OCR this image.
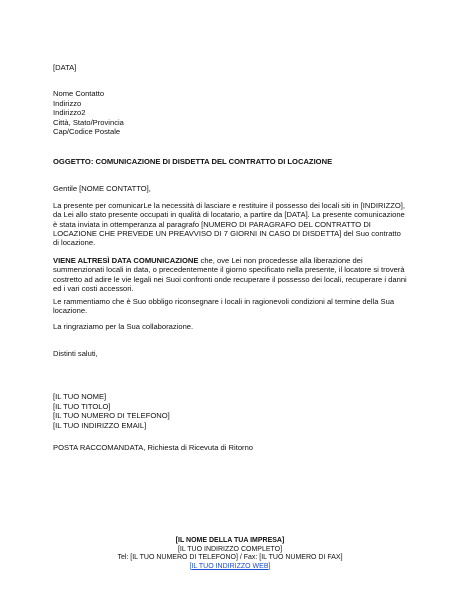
[DATA]
Nome Contatto
Indirizzo
Indirizzo2
Città, Stato/Provincia
Cap/Codice Postale
OGGETTO: COMUNICAZIONE DI DISDETTA DEL CONTRATTO DI LOCAZIONE
Gentile [NOME CONTATTO],

La presente per comunicarLe la necessità di lasciare e restituire il possesso dei locali siti in [INDIRIZZO],

da Lei allo stato presente occupati in qualità di locatario, a partire da [DATA]. La presente comunicazione

è stata inviata in ottemperanza al paragrafo [NUMERO DI PARAGRAFO DEL CONTRATTO DI

LOCAZIONE CHE PREVEDE UN PREAVVISO DI 7 GIORNI IN CASO DI DISDETTA] del Suo contratto

di locazione.

VIENE ALTRESÌ DATA COMUNICAZIONE che, ove Lei non procedesse alla liberazione dei

summenzionati locali in data, o precedentemente il giorno specificato nella presente, il locatore si troverà

costretto ad adire le vie legali nei Suoi confronti onde recuperare il possesso dei locali, recuperare i danni

ed i vari costi accessori.

Le rammentiamo che è Suo obbligo riconsegnare i locali in ragionevoli condizioni al termine della Sua

locazione.

La ringraziamo per la Sua collaborazione.
Distinti saluti,
[IL TUO NOME]
[IL TUO TITOLO]
[IL TUO NUMERO DI TELEFONO]
[IL TUO INDIRIZZO EMAIL]
POSTA RACCOMANDATA, Richiesta di Ricevuta di Ritorno
[IL NOME DELLA TUA IMPRESA]
[IL TUO INDIRIZZO COMPLETO]
Tel: [IL TUO NUMERO DI TELEFONO] / Fax: [IL TUO NUMERO DI FAX]
[IL TUO INDIRIZZO WEB]
